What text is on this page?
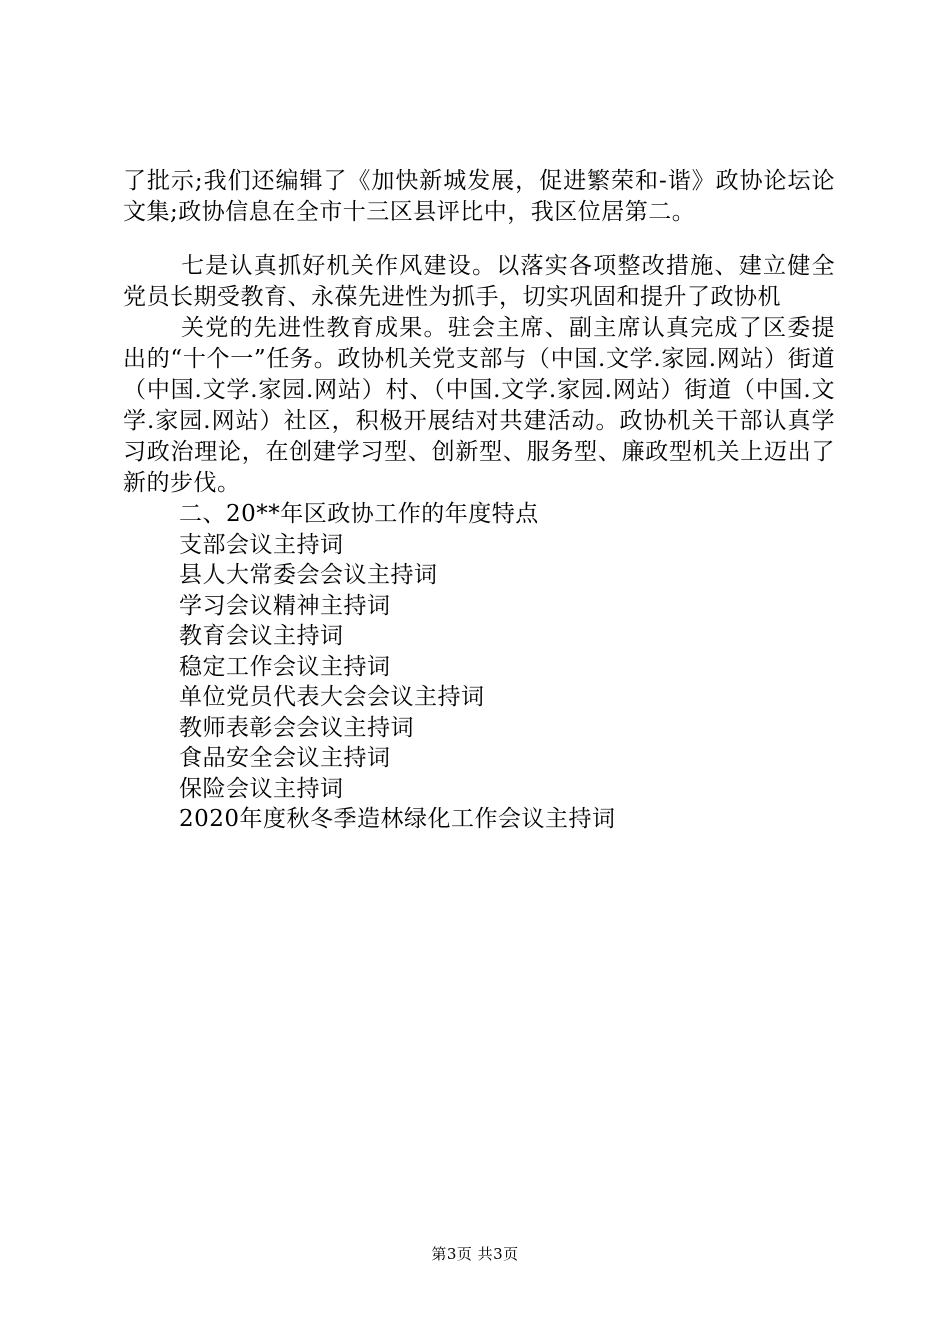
了批示;我们还编辑了《加快新城发展，促进繁荣和-谐》政协论坛论文集;政协信息在全市十三区县评比中，我区位居第二。

七是认真抓好机关作风建设。以落实各项整改措施、建立健全党员长期受教育、永葆先进性为抓手，切实巩固和提升了政协机

关党的先进性教育成果。驻会主席、副主席认真完成了区委提出的“十个一”任务。政协机关党支部与（中国.文学.家园.网站）街道（中国.文学.家园.网站）村、（中国.文学.家园.网站）街道（中国.文学.家园.网站）社区，积极开展结对共建活动。政协机关干部认真学习政治理论，在创建学习型、创新型、服务型、廉政型机关上迈出了新的步伐。

二、20**年区政协工作的年度特点
支部会议主持词
县人大常委会会议主持词
学习会议精神主持词
教育会议主持词
稳定工作会议主持词
单位党员代表大会会议主持词
教师表彰会会议主持词
食品安全会议主持词
保险会议主持词
2020年度秋冬季造林绿化工作会议主持词
第3页 共3页
